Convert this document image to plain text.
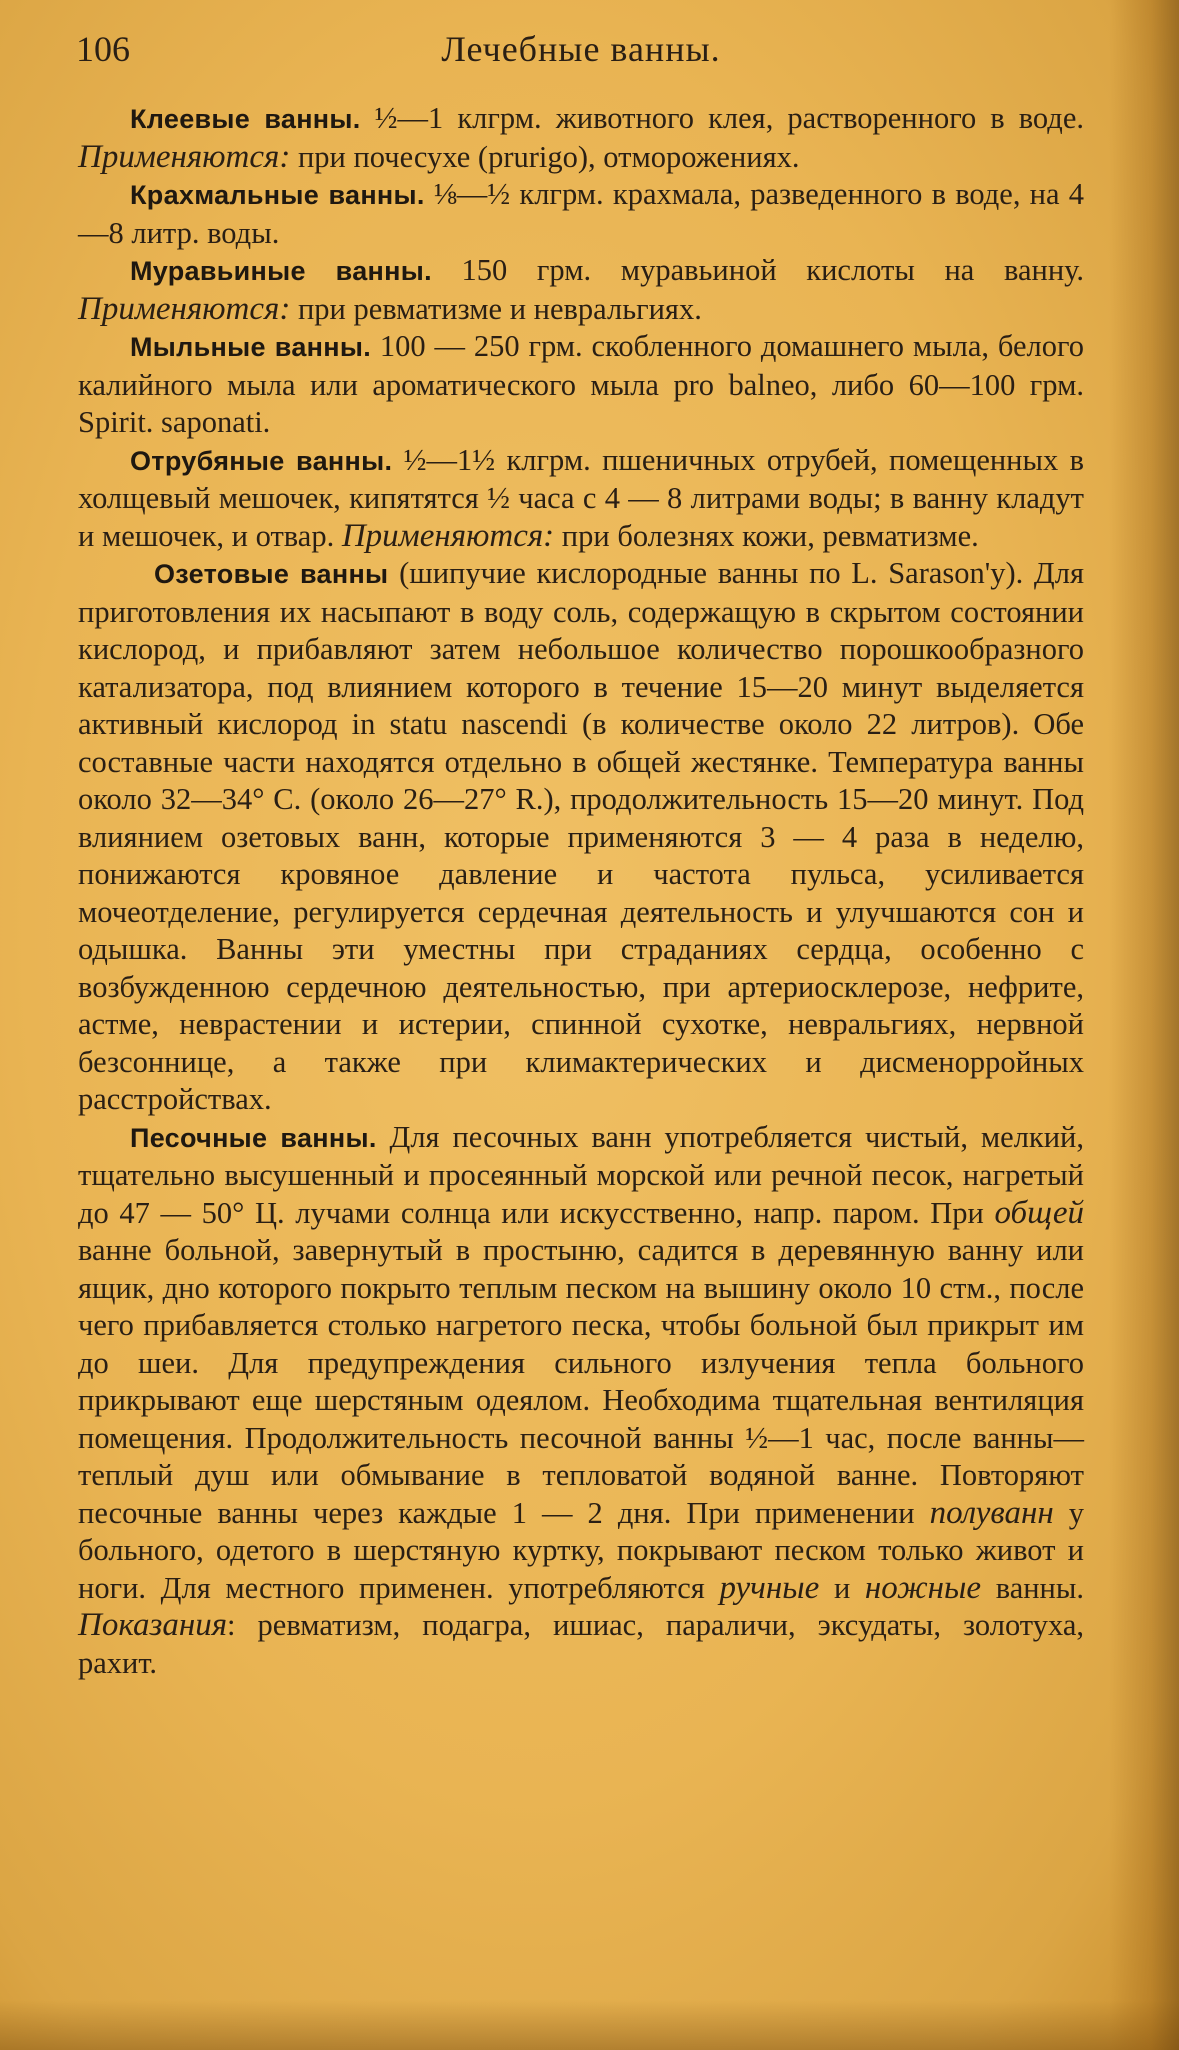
106	Лечебные ванны.

Клеевые ванны. ½—1 клгрм. животного клея, растворенного в воде. Применяются: при почесухе (prurigo), отморожениях.

Крахмальные ванны. ⅛—½ клгрм. крахмала, разведенного в воде, на 4—8 литр. воды.

Муравьиные ванны. 150 грм. муравьиной кислоты на ванну. Применяются: при ревматизме и невральгиях.

Мыльные ванны. 100 — 250 грм. скобленного домашнего мыла, белого калийного мыла или ароматического мыла pro balneo, либо 60—100 грм. Spirit. saponati.

Отрубяные ванны. ½—1½ клгрм. пшеничных отрубей, помещенных в холщевый мешочек, кипятятся ½ часа с 4 — 8 литрами воды; в ванну кладут и мешочек, и отвар. Применяются: при болезнях кожи, ревматизме.

Озетовые ванны (шипучие кислородные ванны по L. Sarason'у). Для приготовления их насыпают в воду соль, содержащую в скрытом состоянии кислород, и прибавляют затем небольшое количество порошкообразного катализатора, под влиянием которого в течение 15—20 минут выделяется активный кислород in statu nascendi (в количестве около 22 литров). Обе составные части находятся отдельно в общей жестянке. Температура ванны около 32—34° С. (около 26—27° R.), продолжительность 15—20 минут. Под влиянием озетовых ванн, которые применяются 3 — 4 раза в неделю, понижаются кровяное давление и частота пульса, усиливается мочеотделение, регулируется сердечная деятельность и улучшаются сон и одышка. Ванны эти уместны при страданиях сердца, особенно с возбужденною сердечною деятельностью, при артериосклерозе, нефрите, астме, неврастении и истерии, спинной сухотке, невральгиях, нервной безсоннице, а также при климактерических и дисменорройных расстройствах.

Песочные ванны. Для песочных ванн употребляется чистый, мелкий, тщательно высушенный и просеянный морской или речной песок, нагретый до 47 — 50° Ц. лучами солнца или искусственно, напр. паром. При общей ванне больной, завернутый в простыню, садится в деревянную ванну или ящик, дно которого покрыто теплым песком на вышину около 10 стм., после чего прибавляется столько нагретого песка, чтобы больной был прикрыт им до шеи. Для предупреждения сильного излучения тепла больного прикрывают еще шерстяным одеялом. Необходима тщательная вентиляция помещения. Продолжительность песочной ванны ½—1 час, после ванны—теплый душ или обмывание в тепловатой водяной ванне. Повторяют песочные ванны через каждые 1 — 2 дня. При применении полуванн у больного, одетого в шерстяную куртку, покрывают песком только живот и ноги. Для местного применен. употребляются ручные и ножные ванны. Показания: ревматизм, подагра, ишиас, параличи, эксудаты, золотуха, рахит.
